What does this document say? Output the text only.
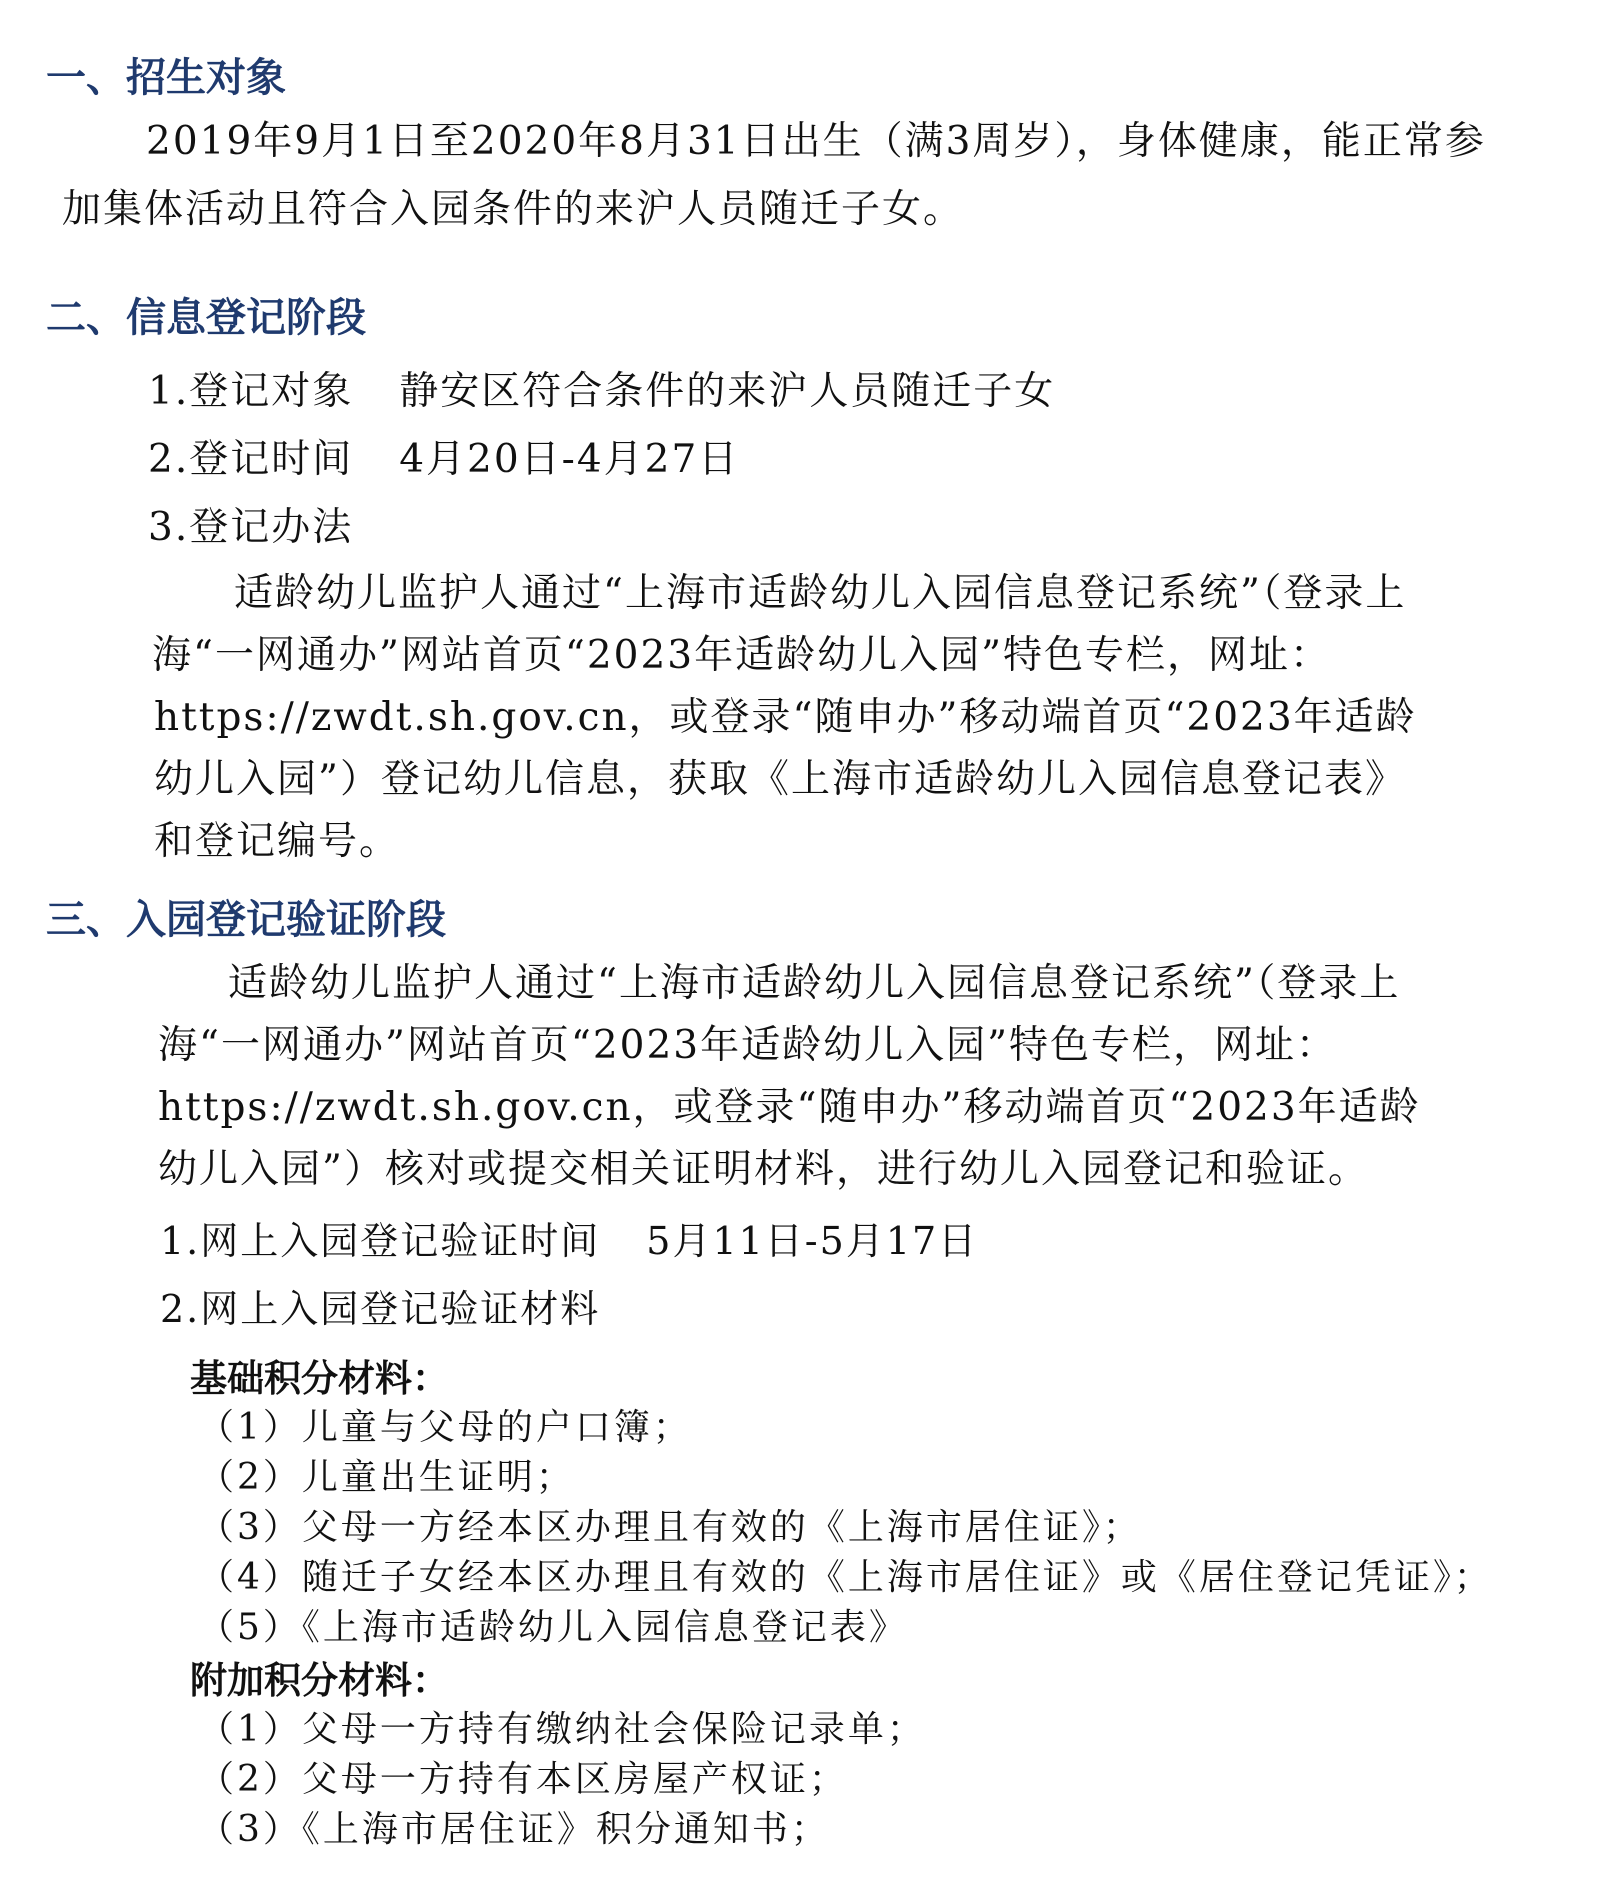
一、招生对象

2019年9月1日至2020年8月31日出生（满3周岁），身体健康，能正常参

加集体活动且符合入园条件的来沪人员随迁子女。

二、信息登记阶段

1.登记对象 静安区符合条件的来沪人员随迁子女

2.登记时间 4月20日-4月27日

3.登记办法

适龄幼儿监护人通过“上海市适龄幼儿入园信息登记系统”（登录上

海“一网通办”网站首页“2023年适龄幼儿入园”特色专栏，网址：

https://zwdt.sh.gov.cn，或登录“随申办”移动端首页“2023年适龄

幼儿入园”）登记幼儿信息，获取《上海市适龄幼儿入园信息登记表》

和登记编号。

三、入园登记验证阶段

适龄幼儿监护人通过“上海市适龄幼儿入园信息登记系统”（登录上

海“一网通办”网站首页“2023年适龄幼儿入园”特色专栏，网址：

https://zwdt.sh.gov.cn，或登录“随申办”移动端首页“2023年适龄

幼儿入园”）核对或提交相关证明材料，进行幼儿入园登记和验证。

1.网上入园登记验证时间 5月11日-5月17日

2.网上入园登记验证材料

基础积分材料：

（1）儿童与父母的户口簿；

（2）儿童出生证明；

（3）父母一方经本区办理且有效的《上海市居住证》；

（4）随迁子女经本区办理且有效的《上海市居住证》或《居住登记凭证》；

（5）《上海市适龄幼儿入园信息登记表》

附加积分材料：

（1）父母一方持有缴纳社会保险记录单；

（2）父母一方持有本区房屋产权证；

（3）《上海市居住证》积分通知书；
